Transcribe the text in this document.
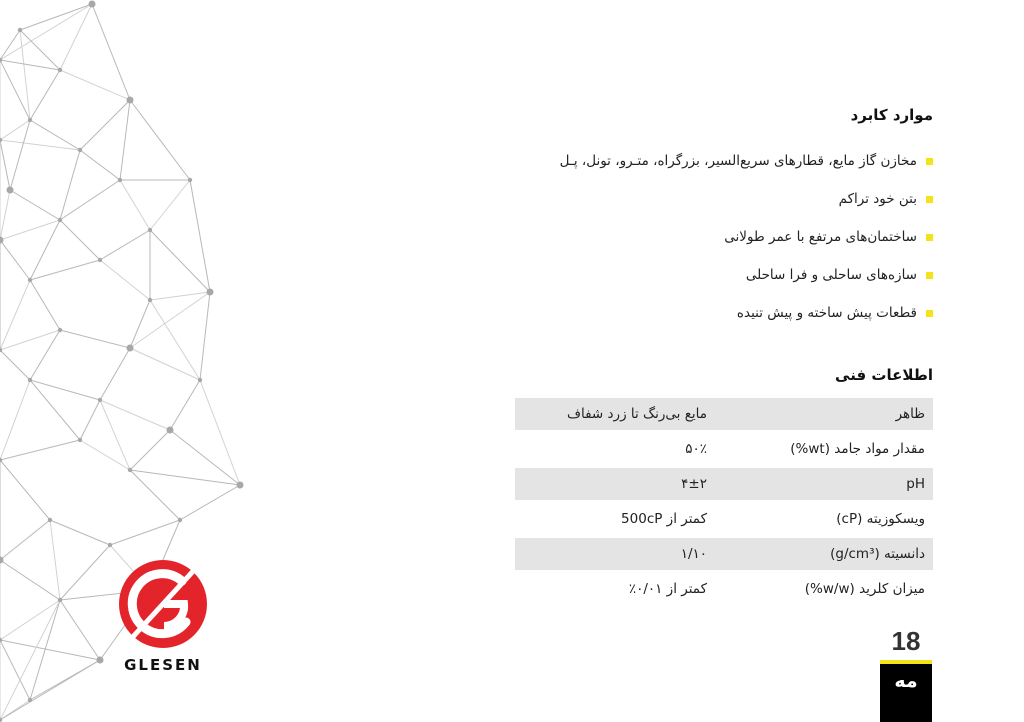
GLESEN
موارد کابرد
مخازن گاز مایع، قطارهای سریع‌السیر، بزرگراه، متـرو، تونل، پـل
بتن خود تراکم
ساختمان‌های مرتفع با عمر طولانی
سازه‌های ساحلی و فرا ساحلی
قطعات پیش ساخته و پیش تنیده
اطلاعات فنی
ظاهر
مایع بی‌رنگ تا زرد شفاف
مقدار مواد جامد (wt%)
۵۰٪
pH
۴±۲
ویسکوزیته (cP)
کمتر از 500cP
دانسیته (g/cm³)
۱/۱۰
میزان کلرید (w/w%)
کمتر از ۰/۰۱٪
18
مه
